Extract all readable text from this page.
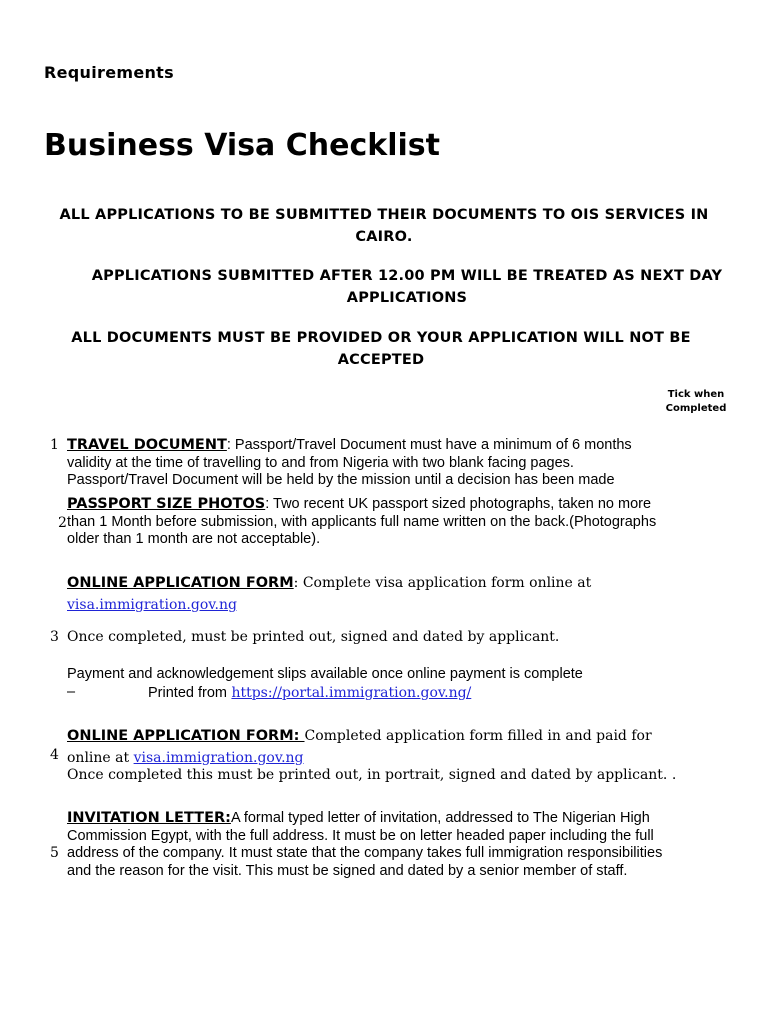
Requirements
Business Visa Checklist
ALL APPLICATIONS TO BE SUBMITTED THEIR DOCUMENTS TO OIS SERVICES IN CAIRO.
APPLICATIONS SUBMITTED AFTER 12.00 PM WILL BE TREATED AS NEXT DAY APPLICATIONS
ALL DOCUMENTS MUST BE PROVIDED OR YOUR APPLICATION WILL NOT BE ACCEPTED
Tick when
Completed
1 TRAVEL DOCUMENT: Passport/Travel Document must have a minimum of 6 months validity at the time of travelling to and from Nigeria with two blank facing pages. Passport/Travel Document will be held by the mission until a decision has been made
2
PASSPORT SIZE PHOTOS: Two recent UK passport sized photographs, taken no more than 1 Month before submission, with applicants full name written on the back.(Photographs older than 1 month are not acceptable).
ONLINE APPLICATION FORM: Complete visa application form online at
visa.immigration.gov.ng
3 Once completed, must be printed out, signed and dated by applicant.
Payment and acknowledgement slips available once online payment is complete
–	Printed from https://portal.immigration.gov.ng/
ONLINE APPLICATION FORM: Completed application form filled in and paid for online at visa.immigration.gov.ng
4
Once completed this must be printed out, in portrait, signed and dated by applicant. .
5
INVITATION LETTER:A formal typed letter of invitation, addressed to The Nigerian High Commission Egypt, with the full address. It must be on letter headed paper including the full address of the company. It must state that the company takes full immigration responsibilities and the reason for the visit. This must be signed and dated by a senior member of staff.
